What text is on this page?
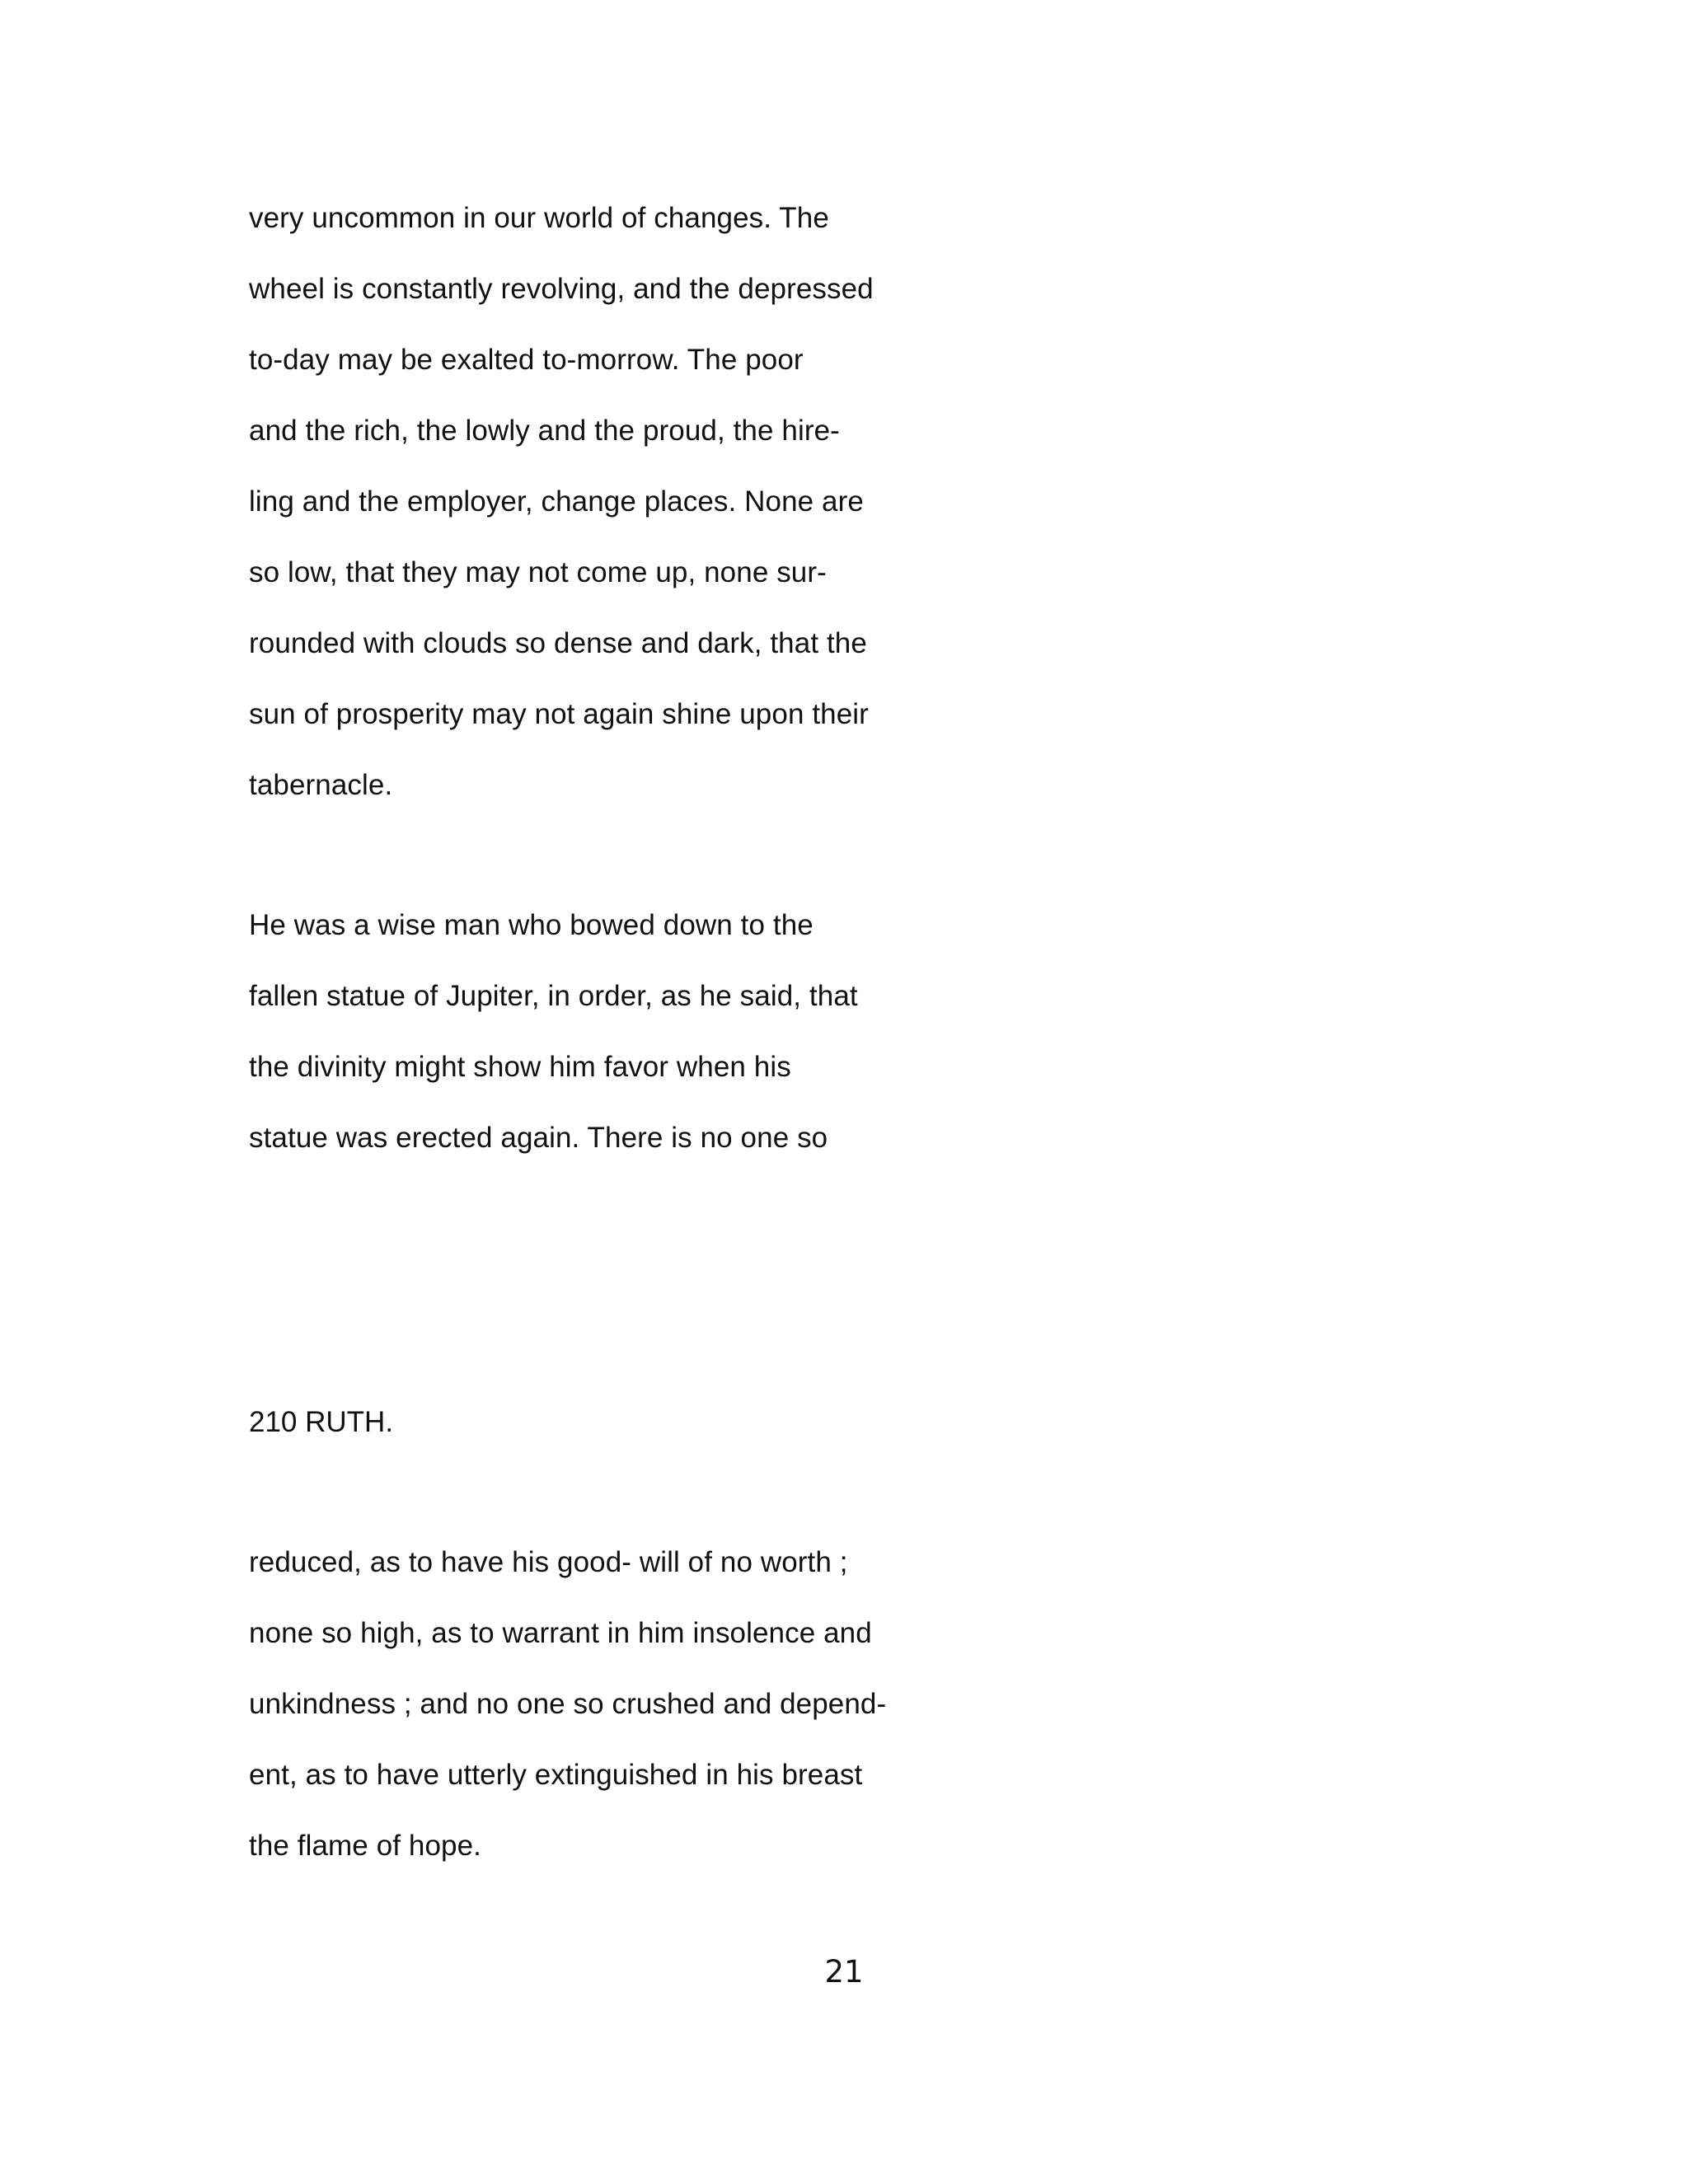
very uncommon in our world of changes. The
wheel is constantly revolving, and the depressed
to-day may be exalted to-morrow. The poor
and the rich, the lowly and the proud, the hire-
ling and the employer, change places. None are
so low, that they may not come up, none sur-
rounded with clouds so dense and dark, that the
sun of prosperity may not again shine upon their
tabernacle.
He was a wise man who bowed down to the
fallen statue of Jupiter, in order, as he said, that
the divinity might show him favor when his
statue was erected again. There is no one so
210 RUTH.
reduced, as to have his good- will of no worth ;
none so high, as to warrant in him insolence and
unkindness ; and no one so crushed and depend-
ent, as to have utterly extinguished in his breast
the flame of hope.
21
